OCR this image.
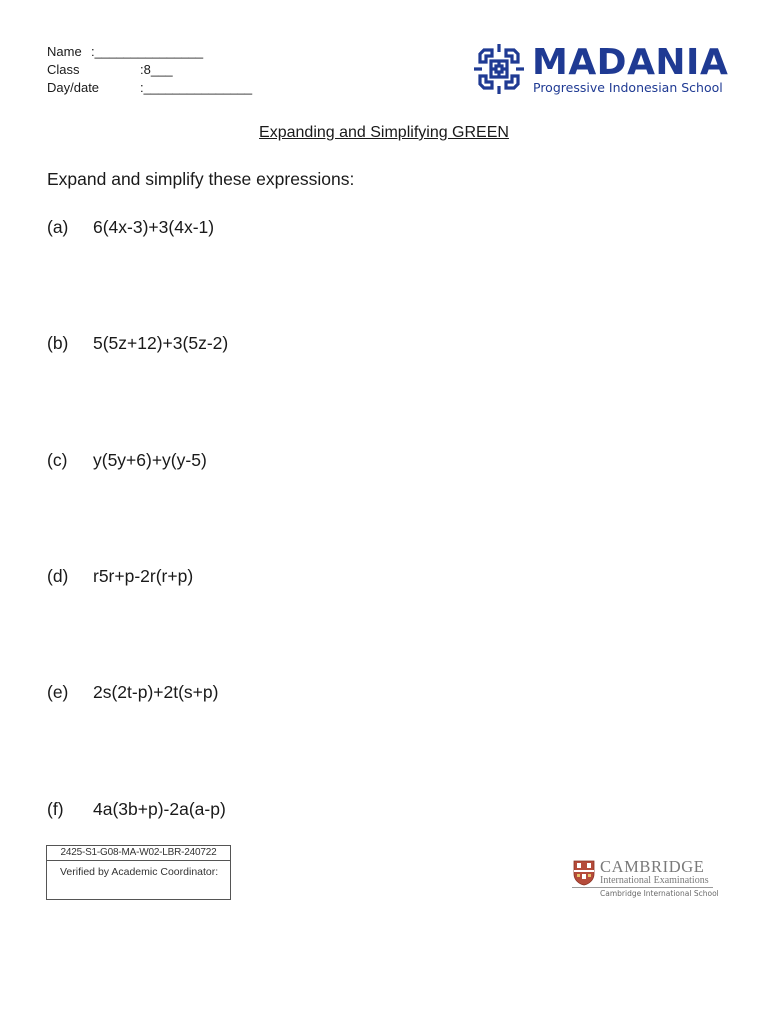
Name : _______________
Class	: 8___
Day/date	: _______________
MADANIA
Progressive Indonesian School
Expanding and Simplifying GREEN
Expand and simplify these expressions:
(a)	6(4x-3)+3(4x-1)
(b)	5(5z+12)+3(5z-2)
(c)	y(5y+6)+y(y-5)
(d)	r5r+p-2r(r+p)
(e)	2s(2t-p)+2t(s+p)
(f)	4a(3b+p)-2a(a-p)
2425-S1-G08-MA-W02-LBR-240722
Verified by Academic Coordinator:	CAMBRIDGE
International Examinations
Cambridge International School
